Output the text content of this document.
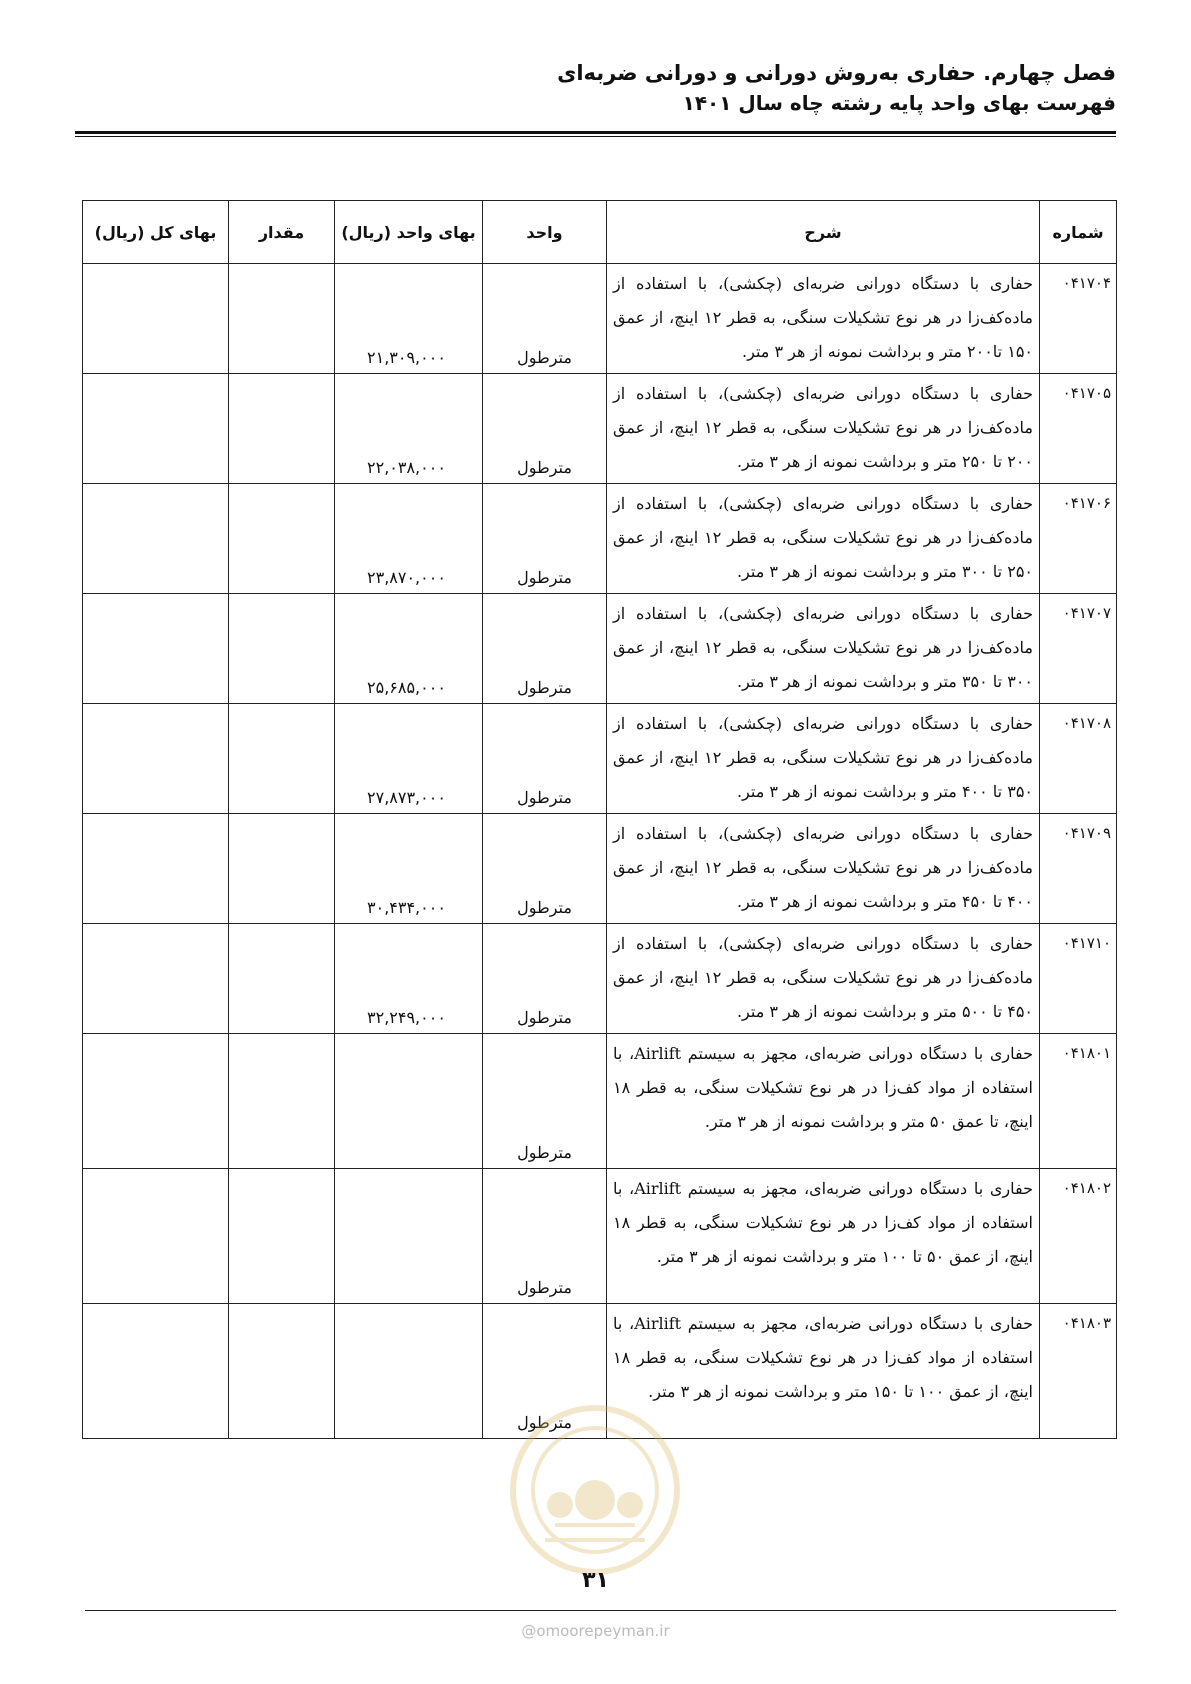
فصل چهارم. حفاری به‌روش دورانی و دورانی ضربه‌ای
فهرست بهای واحد پایه رشته چاه سال ۱۴۰۱
شماره	شرح	واحد	بهای واحد (ریال)	مقدار	بهای کل (ریال)
۰۴۱۷۰۴	حفاری با دستگاه دورانی ضربه‌ای (چکشی)، با استفاده از ماده‌کف‌زا در هر نوع تشکیلات سنگی، به قطر ۱۲ اینچ، از عمق ۱۵۰ تا۲۰۰ متر و برداشت نمونه از هر ۳ متر.	مترطول	۲۱,۳۰۹,۰۰۰		
۰۴۱۷۰۵	حفاری با دستگاه دورانی ضربه‌ای (چکشی)، با استفاده از ماده‌کف‌زا در هر نوع تشکیلات سنگی، به قطر ۱۲ اینچ، از عمق ۲۰۰ تا ۲۵۰ متر و برداشت نمونه از هر ۳ متر.	مترطول	۲۲,۰۳۸,۰۰۰		
۰۴۱۷۰۶	حفاری با دستگاه دورانی ضربه‌ای (چکشی)، با استفاده از ماده‌کف‌زا در هر نوع تشکیلات سنگی، به قطر ۱۲ اینچ، از عمق ۲۵۰ تا ۳۰۰ متر و برداشت نمونه از هر ۳ متر.	مترطول	۲۳,۸۷۰,۰۰۰		
۰۴۱۷۰۷	حفاری با دستگاه دورانی ضربه‌ای (چکشی)، با استفاده از ماده‌کف‌زا در هر نوع تشکیلات سنگی، به قطر ۱۲ اینچ، از عمق ۳۰۰ تا ۳۵۰ متر و برداشت نمونه از هر ۳ متر.	مترطول	۲۵,۶۸۵,۰۰۰		
۰۴۱۷۰۸	حفاری با دستگاه دورانی ضربه‌ای (چکشی)، با استفاده از ماده‌کف‌زا در هر نوع تشکیلات سنگی، به قطر ۱۲ اینچ، از عمق ۳۵۰ تا ۴۰۰ متر و برداشت نمونه از هر ۳ متر.	مترطول	۲۷,۸۷۳,۰۰۰		
۰۴۱۷۰۹	حفاری با دستگاه دورانی ضربه‌ای (چکشی)، با استفاده از ماده‌کف‌زا در هر نوع تشکیلات سنگی، به قطر ۱۲ اینچ، از عمق ۴۰۰ تا ۴۵۰ متر و برداشت نمونه از هر ۳ متر.	مترطول	۳۰,۴۳۴,۰۰۰		
۰۴۱۷۱۰	حفاری با دستگاه دورانی ضربه‌ای (چکشی)، با استفاده از ماده‌کف‌زا در هر نوع تشکیلات سنگی، به قطر ۱۲ اینچ، از عمق ۴۵۰ تا ۵۰۰ متر و برداشت نمونه از هر ۳ متر.	مترطول	۳۲,۲۴۹,۰۰۰		
۰۴۱۸۰۱	حفاری با دستگاه دورانی ضربه‌ای، مجهز به سیستم Airlift، با استفاده از مواد کف‌زا در هر نوع تشکیلات سنگی، به قطر ۱۸ اینچ، تا عمق ۵۰ متر و برداشت نمونه از هر ۳ متر.	مترطول			
۰۴۱۸۰۲	حفاری با دستگاه دورانی ضربه‌ای، مجهز به سیستم Airlift، با استفاده از مواد کف‌زا در هر نوع تشکیلات سنگی، به قطر ۱۸ اینچ، از عمق ۵۰ تا ۱۰۰ متر و برداشت نمونه از هر ۳ متر.	مترطول			
۰۴۱۸۰۳	حفاری با دستگاه دورانی ضربه‌ای، مجهز به سیستم Airlift، با استفاده از مواد کف‌زا در هر نوع تشکیلات سنگی، به قطر ۱۸ اینچ، از عمق ۱۰۰ تا ۱۵۰ متر و برداشت نمونه از هر ۳ متر.	مترطول			
۳۱
@omoorepeyman.ir
